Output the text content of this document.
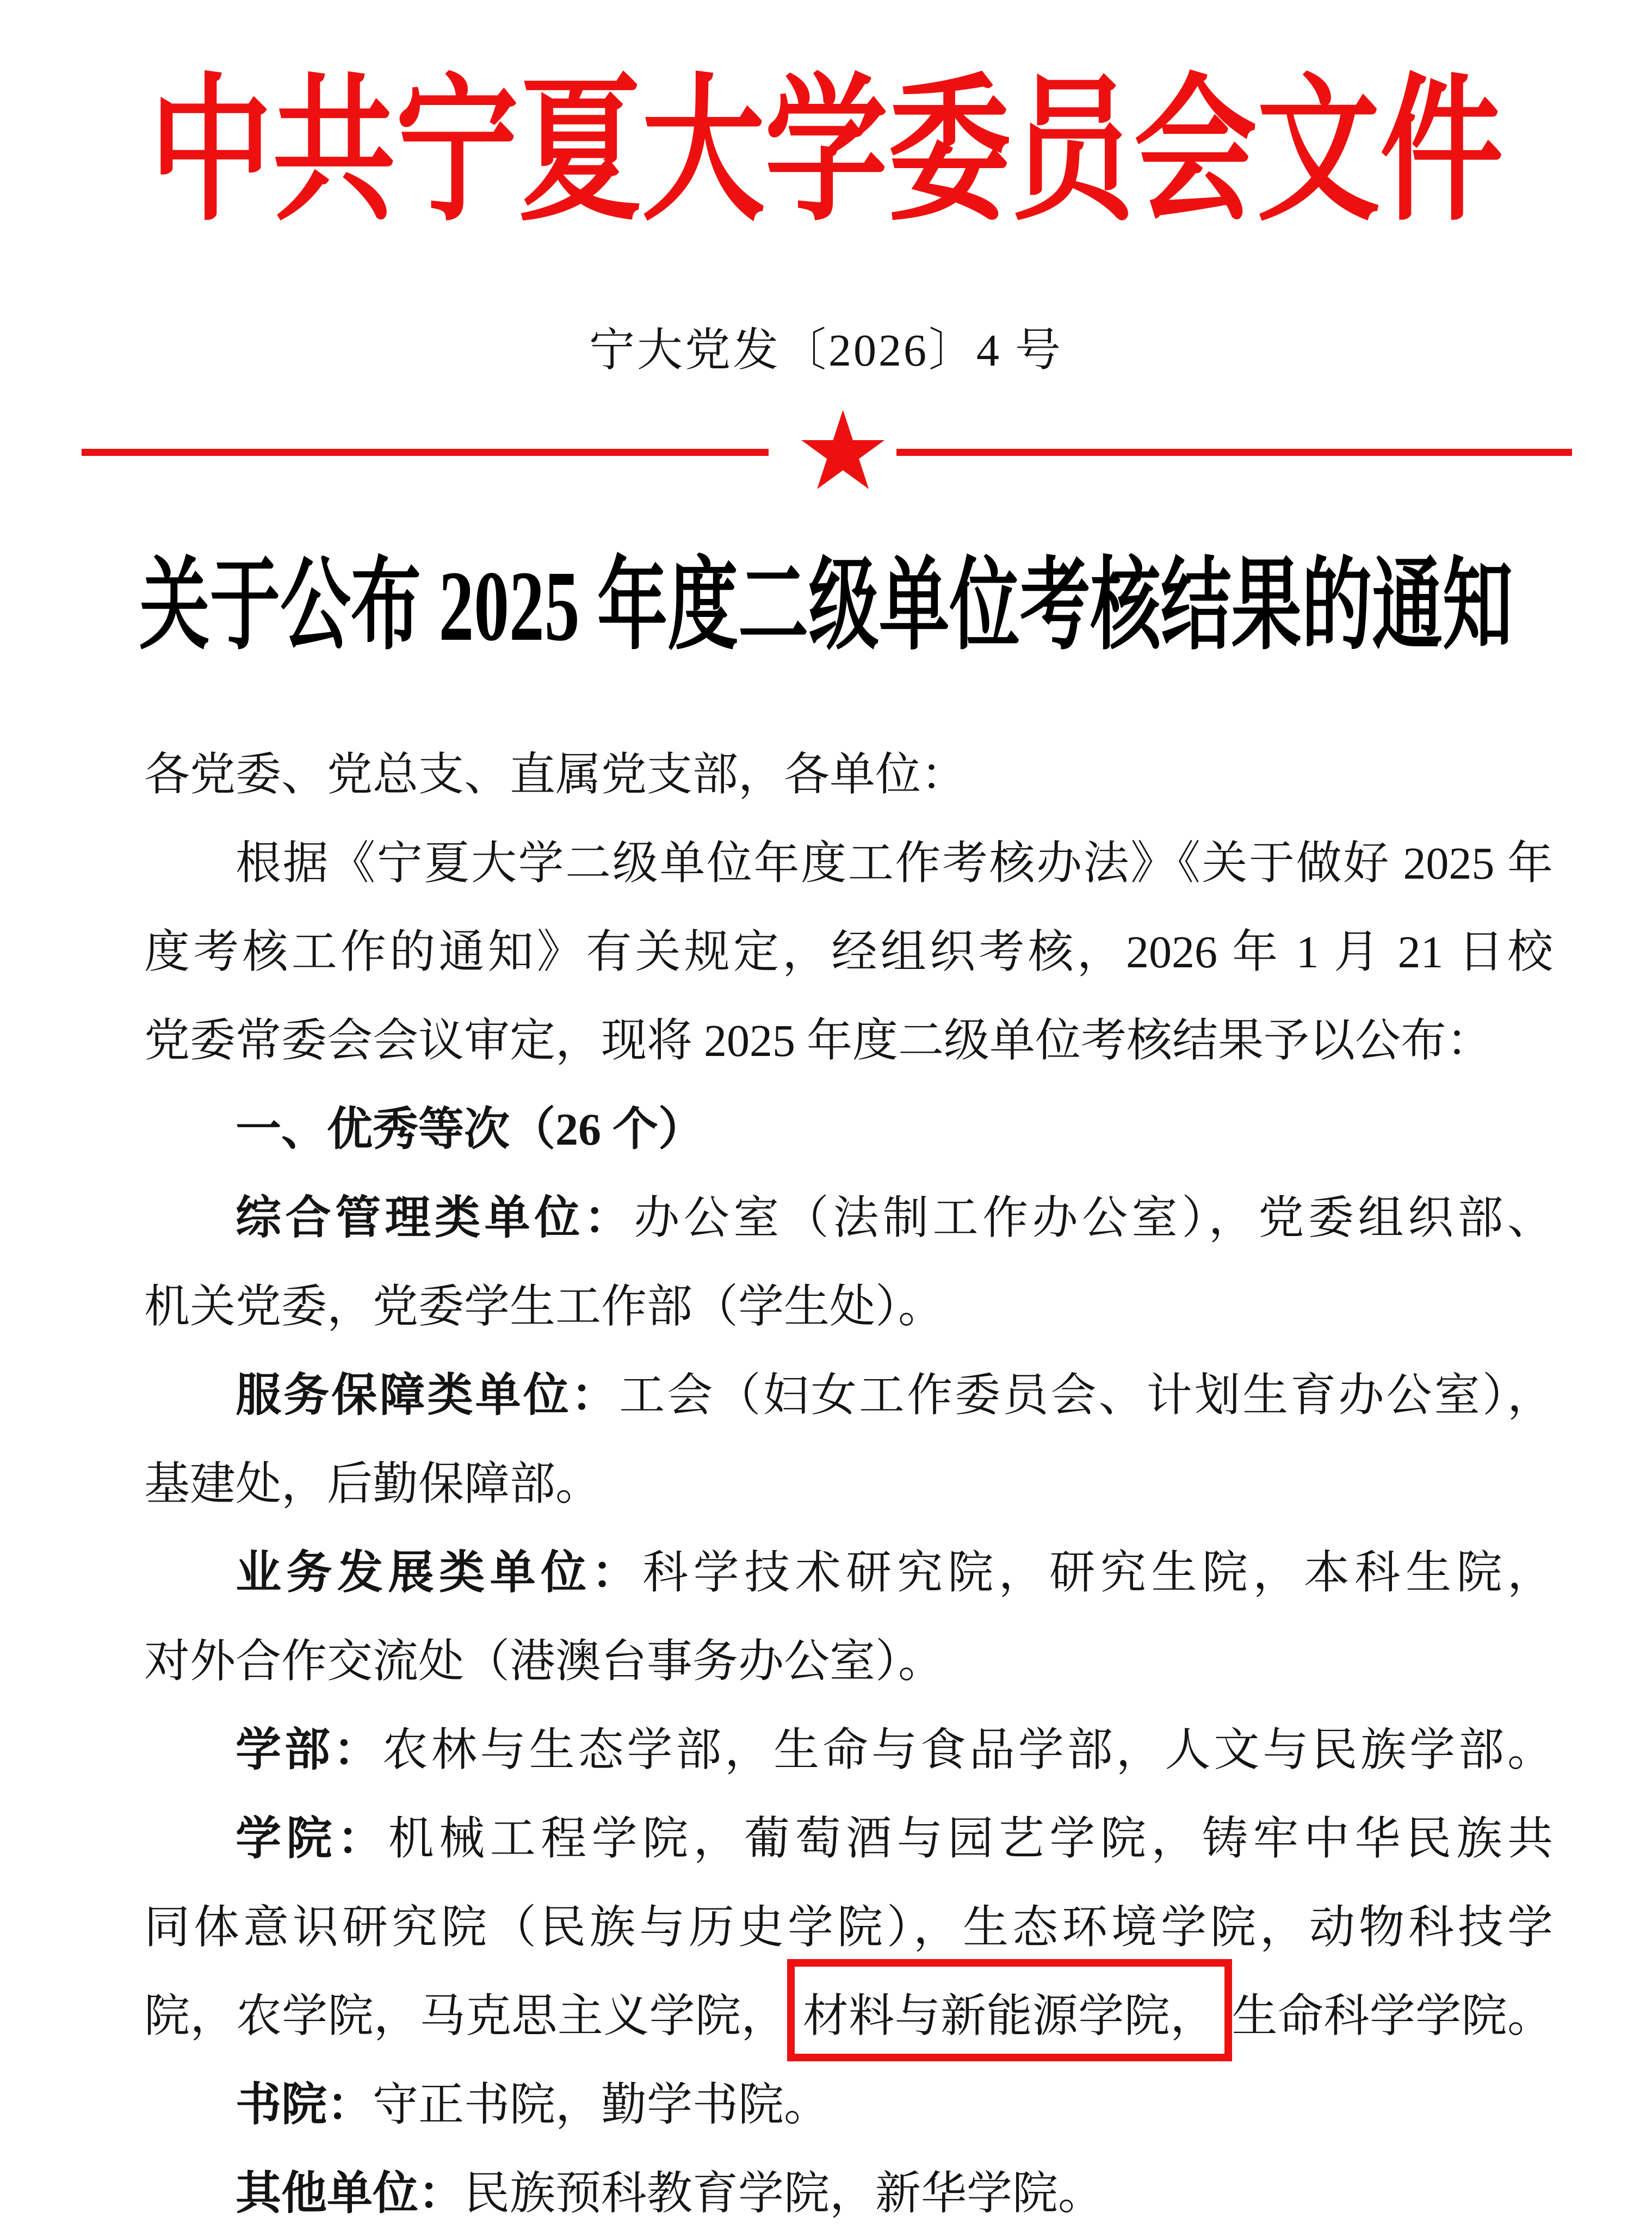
中共宁夏大学委员会文件
宁大党发〔2026〕4 号
★
关于公布 2025 年度二级单位考核结果的通知
各党委、党总支、直属党支部，各单位：
根据《宁夏大学二级单位年度工作考核办法》《关于做好 2025 年
度考核工作的通知》有关规定，经组织考核，2026 年 1 月 21 日校
党委常委会会议审定，现将 2025 年度二级单位考核结果予以公布：
一、优秀等次（26 个）
综合管理类单位：办公室（法制工作办公室），党委组织部、
机关党委，党委学生工作部（学生处）。
服务保障类单位：工会（妇女工作委员会、计划生育办公室），
基建处，后勤保障部。
业务发展类单位：科学技术研究院，研究生院，本科生院，
对外合作交流处（港澳台事务办公室）。
学部：农林与生态学部，生命与食品学部，人文与民族学部。
学院：机械工程学院，葡萄酒与园艺学院，铸牢中华民族共
同体意识研究院（民族与历史学院），生态环境学院，动物科技学
院，农学院，马克思主义学院， 材料与新能源学院， 生命科学学院。
书院：守正书院，勤学书院。
其他单位：民族预科教育学院，新华学院。
